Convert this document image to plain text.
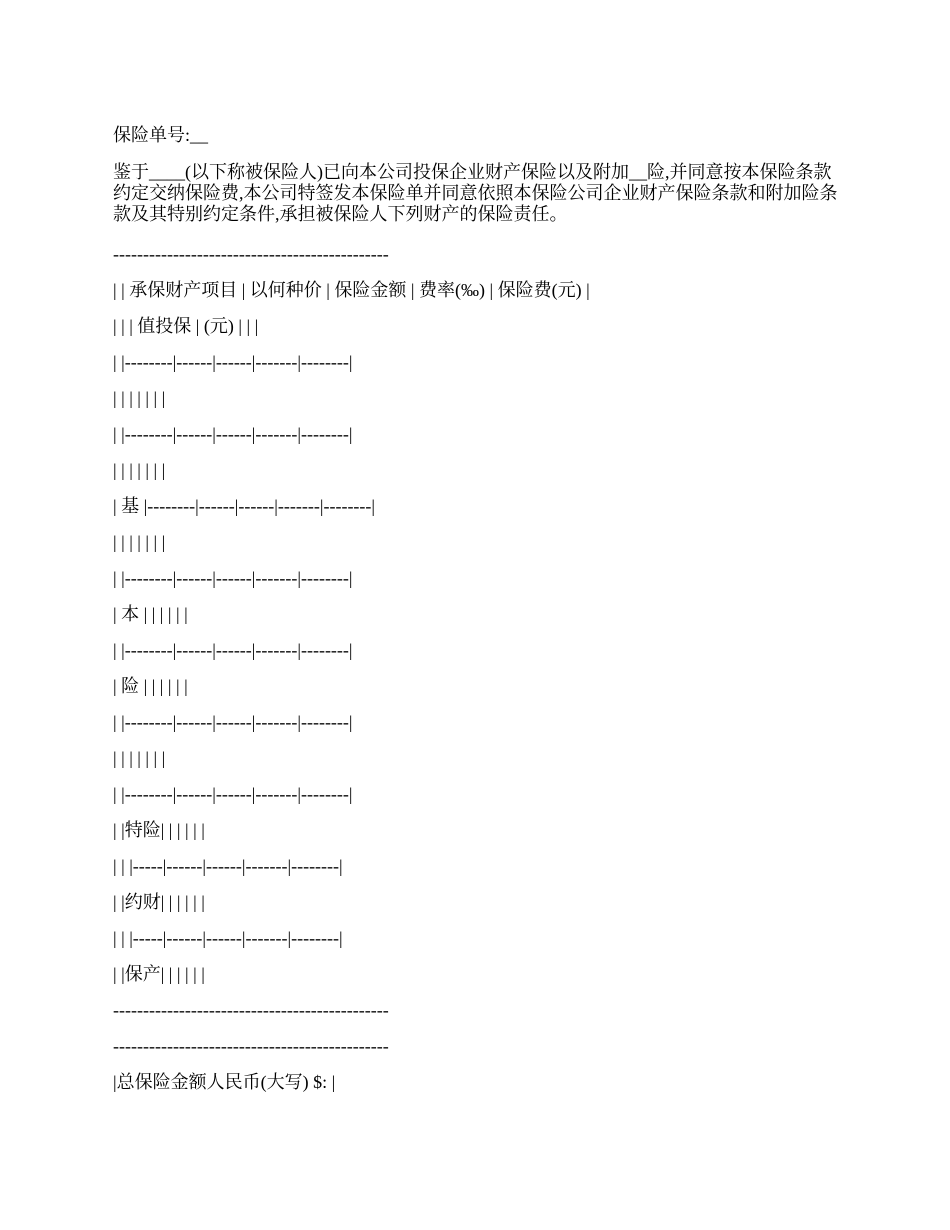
保险单号:__

鉴于____(以下称被保险人)已向本公司投保企业财产保险以及附加__险,并同意按本保险条款约定交纳保险费,本公司特签发本保险单并同意依照本保险公司企业财产保险条款和附加险条款及其特别约定条件,承担被保险人下列财产的保险责任。

----------------------------------------------

| | 承保财产项目 | 以何种价 | 保险金额 | 费率(‰) | 保险费(元) |

| | | 值投保 | (元) | | |

| |--------|------|------|-------|--------|

| | | | | | |

| |--------|------|------|-------|--------|

| | | | | | |

| 基 |--------|------|------|-------|--------|

| | | | | | |

| |--------|------|------|-------|--------|

| 本 | | | | | |

| |--------|------|------|-------|--------|

| 险 | | | | | |

| |--------|------|------|-------|--------|

| | | | | | |

| |--------|------|------|-------|--------|

| |特险| | | | | |

| | |-----|------|------|-------|--------|

| |约财| | | | | |

| | |-----|------|------|-------|--------|

| |保产| | | | | |

----------------------------------------------

----------------------------------------------

|总保险金额人民币(大写) $: |
